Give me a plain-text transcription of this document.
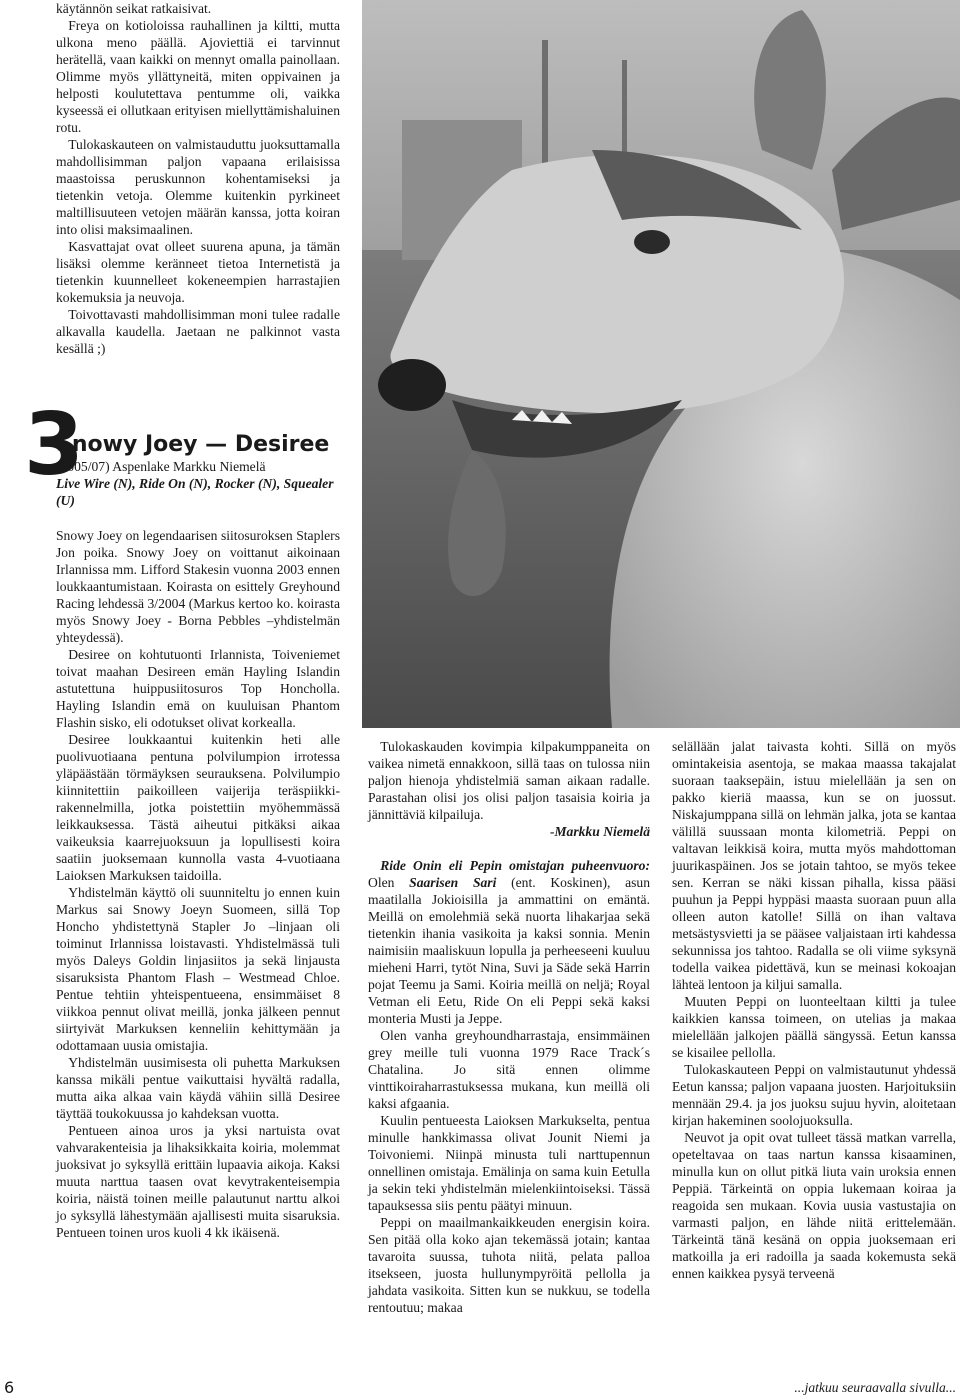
käytännön seikat ratkaisivat.

Freya on kotioloissa rauhallinen ja kiltti, mutta ulkona meno päällä. Ajoviettiä ei tarvinnut herätellä, vaan kaikki on mennyt omalla painollaan. Olimme myös yllättyneitä, miten oppivainen ja helposti koulutettava pentumme oli, vaikka kyseessä ei ollutkaan erityisen miellyttämishaluinen rotu.

Tulokaskauteen on valmistauduttu juoksuttamalla mahdollisimman paljon vapaana erilaisissa maastoissa peruskunnon kohentamiseksi ja tietenkin vetoja. Olemme kuitenkin pyrkineet maltillisuuteen vetojen määrän kanssa, jotta koiran into olisi maksimaalinen.

Kasvattajat ovat olleet suurena apuna, ja tämän lisäksi olemme keränneet tietoa Internetistä ja tietenkin kuunnelleet kokeneempien harrastajien kokemuksia ja neuvoja.

Toivottavasti mahdollisimman moni tulee radalle alkavalla kaudella. Jaetaan ne palkinnot vasta kesällä ;)

3
Snowy Joey — Desiree
(2005/07) Aspenlake Markku Niemelä
Live Wire (N), Ride On (N), Rocker (N), Squealer (U)

Snowy Joey on legendaarisen siitosuroksen Staplers Jon poika. Snowy Joey on voittanut aikoinaan Irlannissa mm. Lifford Stakesin vuonna 2003 ennen loukkaantumistaan. Koirasta on esittely Greyhound Racing lehdessä 3/2004 (Markus kertoo ko. koirasta myös Snowy Joey - Borna Pebbles –yhdistelmän yhteydessä).

Desiree on kohtutuonti Irlannista, Toiveniemet toivat maahan Desireen emän Hayling Islandin astutettuna huippusiitosuros Top Honcholla. Hayling Islandin emä on kuuluisan Phantom Flashin sisko, eli odotukset olivat korkealla.

Desiree loukkaantui kuitenkin heti alle puolivuotiaana pentuna polvilumpion irrotessa yläpäästään törmäyksen seurauksena. Polvilumpio kiinnitettiin paikoilleen vaijerija teräspiikki-rakennelmilla, jotka poistettiin myöhemmässä leikkauksessa. Tästä aiheutui pitkäksi aikaa vaikeuksia kaarrejuoksuun ja lopullisesti koira saatiin juoksemaan kunnolla vasta 4-vuotiaana Laioksen Markuksen taidoilla.

Yhdistelmän käyttö oli suunniteltu jo ennen kuin Markus sai Snowy Joeyn Suomeen, sillä Top Honcho yhdistettynä Stapler Jo –linjaan oli toiminut Irlannissa loistavasti. Yhdistelmässä tuli myös Daleys Goldin linjasiitos ja sekä linjausta sisaruksista Phantom Flash – Westmead Chloe. Pentue tehtiin yhteispentueena, ensimmäiset 8 viikkoa pennut olivat meillä, jonka jälkeen pennut siirtyivät Markuksen kenneliin kehittymään ja odottamaan uusia omistajia.

Yhdistelmän uusimisesta oli puhetta Markuksen kanssa mikäli pentue vaikuttaisi hyvältä radalla, mutta aika alkaa vain käydä vähiin sillä Desiree täyttää toukokuussa jo kahdeksan vuotta.

Pentueen ainoa uros ja yksi nartuista ovat vahvarakenteisia ja lihaksikkaita koiria, molemmat juoksivat jo syksyllä erittäin lupaavia aikoja. Kaksi muuta narttua taasen ovat kevytrakenteisempia koiria, näistä toinen meille palautunut narttu alkoi jo syksyllä lähestymään ajallisesti muita sisaruksia. Pentueen toinen uros kuoli 4 kk ikäisenä.

Tulokaskauden kovimpia kilpakumppaneita on vaikea nimetä ennakkoon, sillä taas on tulossa niin paljon hienoja yhdistelmiä saman aikaan radalle. Parastahan olisi jos olisi paljon tasaisia koiria ja jännittäviä kilpailuja.

-Markku Niemelä

Ride Onin eli Pepin omistajan puheenvuoro: Olen Saarisen Sari (ent. Koskinen), asun maatilalla Jokioisilla ja ammattini on emäntä. Meillä on emolehmiä sekä nuorta lihakarjaa sekä tietenkin ihania vasikoita ja kaksi sonnia. Menin naimisiin maaliskuun lopulla ja perheeseeni kuuluu mieheni Harri, tytöt Nina, Suvi ja Säde sekä Harrin pojat Teemu ja Sami. Koiria meillä on neljä; Royal Vetman eli Eetu, Ride On eli Peppi sekä kaksi monteria Musti ja Jeppe.

Olen vanha greyhoundharrastaja, ensimmäinen grey meille tuli vuonna 1979 Race Track´s Chatalina. Jo sitä ennen olimme vinttikoiraharrastuksessa mukana, kun meillä oli kaksi afgaania.

Kuulin pentueesta Laioksen Markukselta, pentua minulle hankkimassa olivat Jounit Niemi ja Toivoniemi. Niinpä minusta tuli narttupennun onnellinen omistaja. Emälinja on sama kuin Eetulla ja sekin teki yhdistelmän mielenkiintoiseksi. Tässä tapauksessa siis pentu päätyi minuun.

Peppi on maailmankaikkeuden energisin koira. Sen pitää olla koko ajan tekemässä jotain; kantaa tavaroita suussa, tuhota niitä, pelata palloa itsekseen, juosta hullunympyröitä pellolla ja jahdata vasikoita. Sitten kun se nukkuu, se todella rentoutuu; makaa

selällään jalat taivasta kohti. Sillä on myös omintakeisia asentoja, se makaa maassa takajalat suoraan taaksepäin, istuu mielellään ja sen on pakko kieriä maassa, kun se on juossut. Niskajumppana sillä on lehmän jalka, jota se kantaa välillä suussaan monta kilometriä. Peppi on valtavan leikkisä koira, mutta myös mahdottoman juurikaspäinen. Jos se jotain tahtoo, se myös tekee sen. Kerran se näki kissan pihalla, kissa pääsi puuhun ja Peppi hyppäsi maasta suoraan puun alla olleen auton katolle! Sillä on ihan valtava metsästysvietti ja se pääsee valjaistaan irti kahdessa sekunnissa jos tahtoo. Radalla se oli viime syksynä todella vaikea pidettävä, kun se meinasi kokoajan lähteä lentoon ja kiljui samalla.

Muuten Peppi on luonteeltaan kiltti ja tulee kaikkien kanssa toimeen, on utelias ja makaa mielellään jalkojen päällä sängyssä. Eetun kanssa se kisailee pellolla.

Tulokaskauteen Peppi on valmistautunut yhdessä Eetun kanssa; paljon vapaana juosten. Harjoituksiin mennään 29.4. ja jos juoksu sujuu hyvin, aloitetaan kirjan hakeminen soolojuoksulla.

Neuvot ja opit ovat tulleet tässä matkan varrella, opeteltavaa on taas nartun kanssa kisaaminen, minulla kun on ollut pitkä liuta vain uroksia ennen Peppiä. Tärkeintä on oppia lukemaan koiraa ja reagoida sen mukaan. Kovia uusia vastustajia on varmasti paljon, en lähde niitä erittelemään. Tärkeintä tänä kesänä on oppia juoksemaan eri matkoilla ja eri radoilla ja saada kokemusta sekä ennen kaikkea pysyä terveenä

6	...jatkuu seuraavalla sivulla...
